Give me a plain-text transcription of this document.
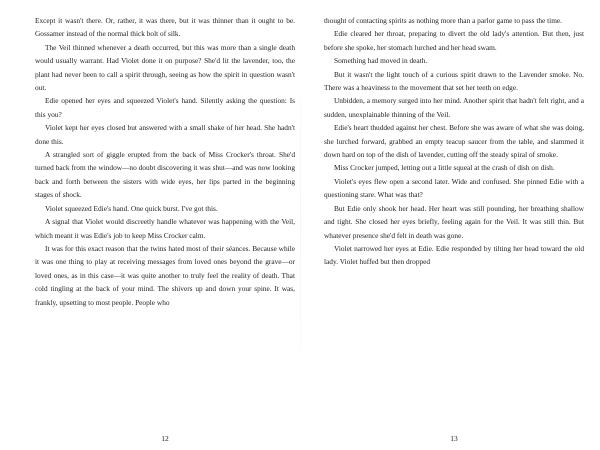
Except it wasn't there. Or, rather, it was there, but it was thinner than it ought to be. Gossamer instead of the normal thick bolt of silk.

The Veil thinned whenever a death occurred, but this was more than a single death would usually warrant. Had Violet done it on purpose? She'd lit the lavender, too, the plant had never been to call a spirit through, seeing as how the spirit in question wasn't out.

Edie opened her eyes and squeezed Violet's hand. Silently asking the question: Is this you?

Violet kept her eyes closed but answered with a small shake of her head. She hadn't done this.

A strangled sort of giggle erupted from the back of Miss Crocker's throat. She'd turned back from the window—no doubt discovering it was shut—and was now looking back and forth between the sisters with wide eyes, her lips parted in the beginning stages of shock.

Violet squeezed Edie's hand. One quick burst. I've got this.

A signal that Violet would discreetly handle whatever was happening with the Veil, which meant it was Edie's job to keep Miss Crocker calm.

It was for this exact reason that the twins hated most of their séances. Because while it was one thing to play at receiving messages from loved ones beyond the grave—or loved ones, as in this case—it was quite another to truly feel the reality of death. That cold tingling at the back of your mind. The shivers up and down your spine. It was, frankly, upsetting to most people. People who

12

thought of contacting spirits as nothing more than a parlor game to pass the time.

Edie cleared her throat, preparing to divert the old lady's attention. But then, just before she spoke, her stomach lurched and her head swam.

Something had moved in death.

But it wasn't the light touch of a curious spirit drawn to the Lavender smoke. No. There was a heaviness to the movement that set her teeth on edge.

Unbidden, a memory surged into her mind. Another spirit that hadn't felt right, and a sudden, unexplainable thinning of the Veil.

Edie's heart thudded against her chest. Before she was aware of what she was doing, she lurched forward, grabbed an empty teacup saucer from the table, and slammed it down hard on top of the dish of lavender, cutting off the steady spiral of smoke.

Miss Crocker jumped, letting out a little squeal at the crash of dish on dish.

Violet's eyes flew open a second later. Wide and confused. She pinned Edie with a questioning stare. What was that?

But Edie only shook her head. Her heart was still pounding, her breathing shallow and tight. She closed her eyes briefly, feeling again for the Veil. It was still thin. But whatever presence she'd felt in death was gone.

Violet narrowed her eyes at Edie. Edie responded by tilting her head toward the old lady. Violet huffed but then dropped

13
